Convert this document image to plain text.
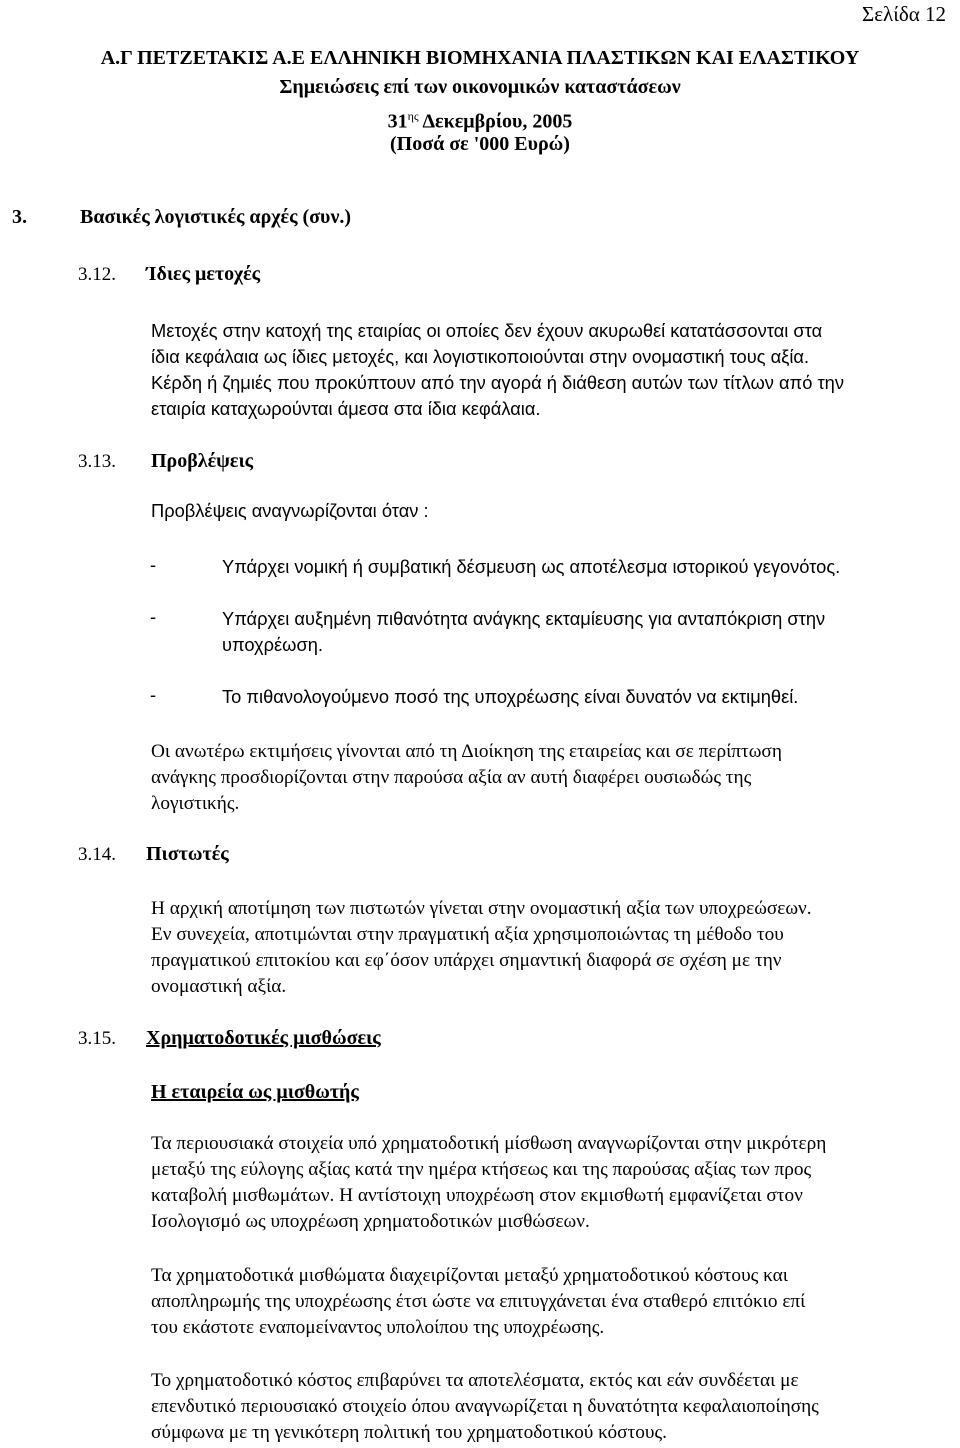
Σελίδα 12
Α.Γ ΠΕΤΖΕΤΑΚΙΣ Α.Ε ΕΛΛΗΝΙΚΗ ΒΙΟΜΗΧΑΝΙΑ ΠΛΑΣΤΙΚΩΝ ΚΑΙ ΕΛΑΣΤΙΚΟΥ
Σημειώσεις επί των οικονομικών καταστάσεων
$31^{\eta\varsigma}$ Δεκεμβρίου, 2005
(Ποσά σε '000 Ευρώ)
3.	Βασικές λογιστικές αρχές (συν.)
3.12. Ίδιες μετοχές
Μετοχές στην κατοχή της εταιρίας οι οποίες δεν έχουν ακυρωθεί κατατάσσονται στα
ίδια κεφάλαια ως ίδιες μετοχές, και λογιστικοποιούνται στην ονομαστική τους αξία.
Κέρδη ή ζημιές που προκύπτουν από την αγορά ή διάθεση αυτών των τίτλων από την
εταιρία καταχωρούνται άμεσα στα ίδια κεφάλαια.
3.13. Προβλέψεις
Προβλέψεις αναγνωρίζονται όταν :
-	Υπάρχει νομική ή συμβατική δέσμευση ως αποτέλεσμα ιστορικού γεγονότος.
-	Υπάρχει αυξημένη πιθανότητα ανάγκης εκταμίευσης για ανταπόκριση στην
υποχρέωση.
-	Το πιθανολογούμενο ποσό της υποχρέωσης είναι δυνατόν να εκτιμηθεί.
Οι ανωτέρω εκτιμήσεις γίνονται από τη Διοίκηση της εταιρείας και σε περίπτωση
ανάγκης προσδιορίζονται στην παρούσα αξία αν αυτή διαφέρει ουσιωδώς της
λογιστικής.
3.14. Πιστωτές
Η αρχική αποτίμηση των πιστωτών γίνεται στην ονομαστική αξία των υποχρεώσεων.
Εν συνεχεία, αποτιμώνται στην πραγματική αξία χρησιμοποιώντας τη μέθοδο του
πραγματικού επιτοκίου και εφ΄όσον υπάρχει σημαντική διαφορά σε σχέση με την
ονομαστική αξία.
3.15. Χρηματοδοτικές μισθώσεις
Η εταιρεία ως μισθωτής
Τα περιουσιακά στοιχεία υπό χρηματοδοτική μίσθωση αναγνωρίζονται στην μικρότερη
μεταξύ της εύλογης αξίας κατά την ημέρα κτήσεως και της παρούσας αξίας των προς
καταβολή μισθωμάτων. Η αντίστοιχη υποχρέωση στον εκμισθωτή εμφανίζεται στον
Ισολογισμό ως υποχρέωση χρηματοδοτικών μισθώσεων.
Τα χρηματοδοτικά μισθώματα διαχειρίζονται μεταξύ χρηματοδοτικού κόστους και
αποπληρωμής της υποχρέωσης έτσι ώστε να επιτυγχάνεται ένα σταθερό επιτόκιο επί
του εκάστοτε εναπομείναντος υπολοίπου της υποχρέωσης.
Το χρηματοδοτικό κόστος επιβαρύνει τα αποτελέσματα, εκτός και εάν συνδέεται με
επενδυτικό περιουσιακό στοιχείο όπου αναγνωρίζεται η δυνατότητα κεφαλαιοποίησης
σύμφωνα με τη γενικότερη πολιτική του χρηματοδοτικού κόστους.
